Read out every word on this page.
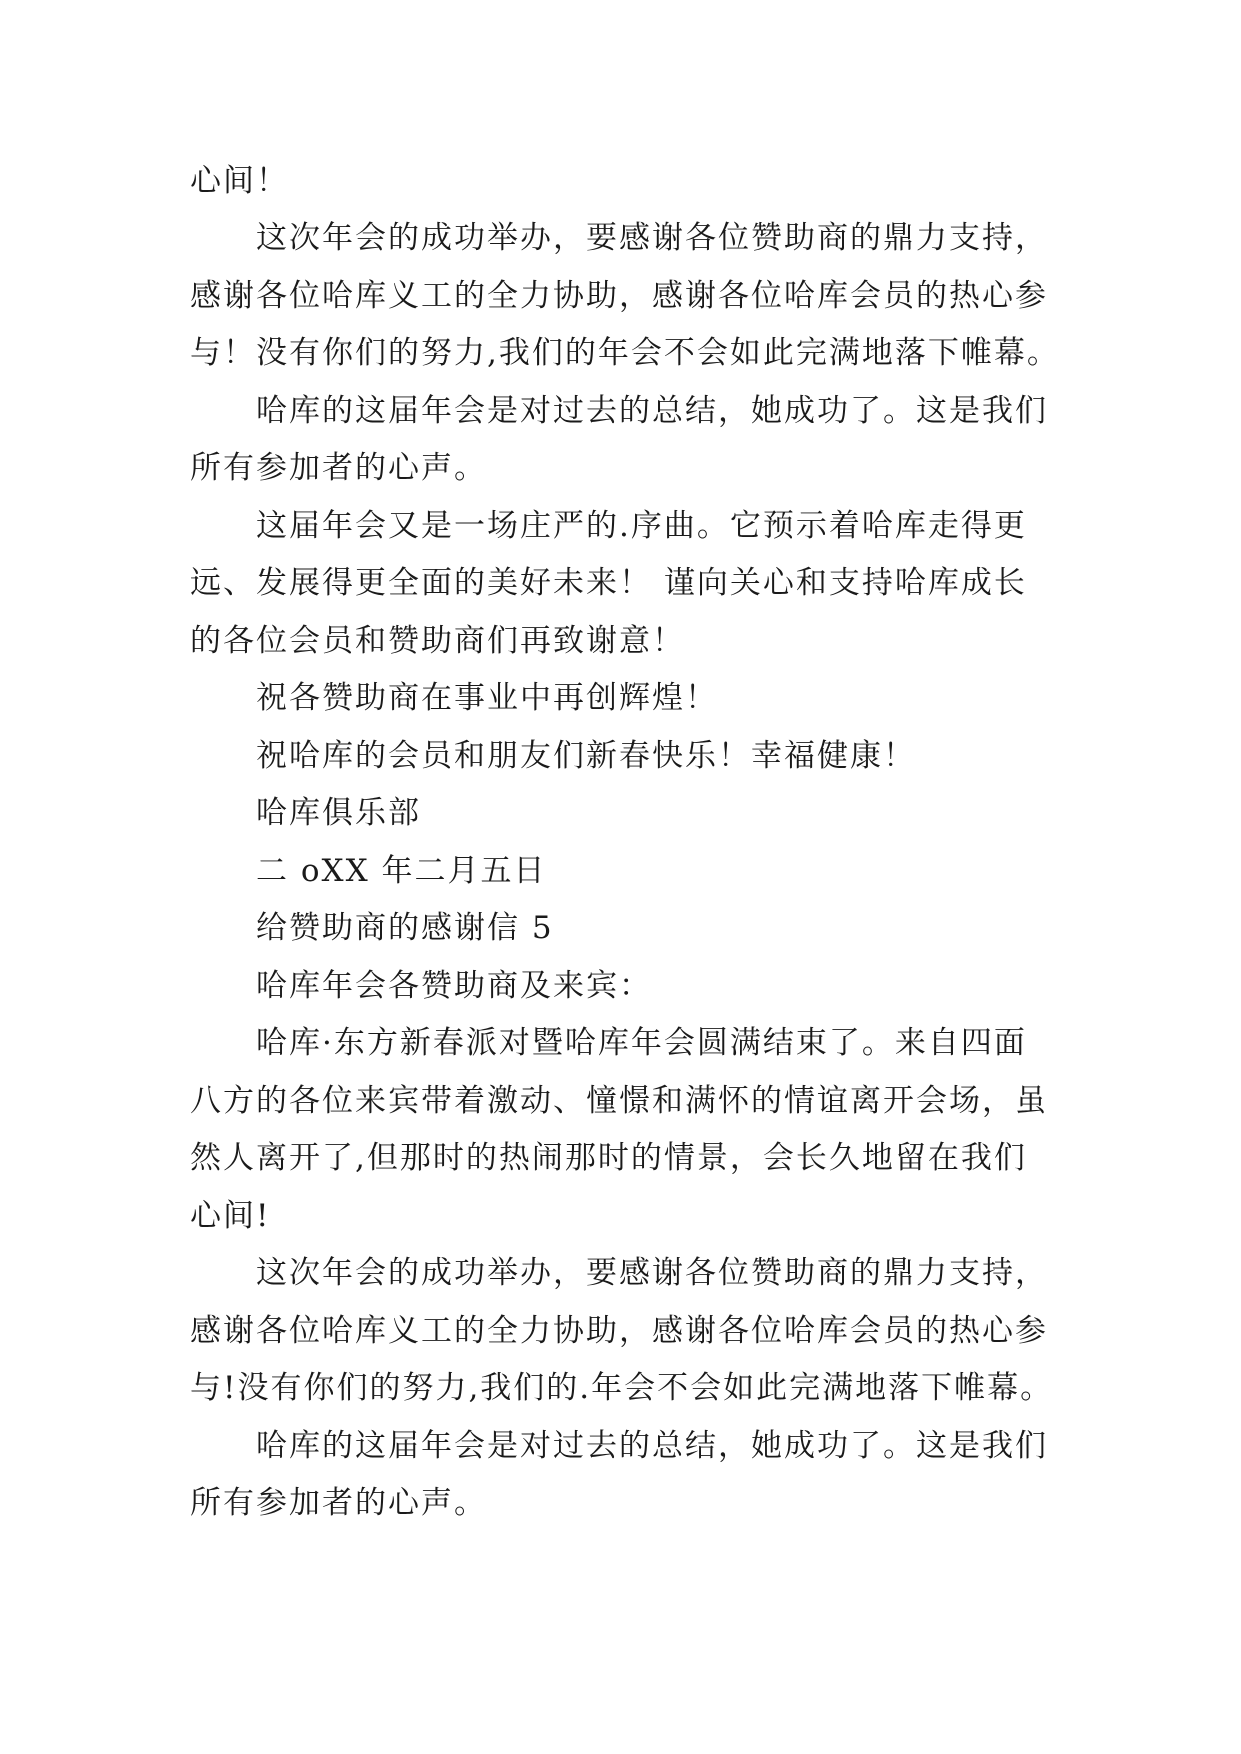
心间！
这次年会的成功举办，要感谢各位赞助商的鼎力支持，
感谢各位哈库义工的全力协助，感谢各位哈库会员的热心参
与！没有你们的努力,我们的年会不会如此完满地落下帷幕。
哈库的这届年会是对过去的总结，她成功了。这是我们
所有参加者的心声。
这届年会又是一场庄严的.序曲。它预示着哈库走得更
远、发展得更全面的美好未来！ 谨向关心和支持哈库成长
的各位会员和赞助商们再致谢意！
祝各赞助商在事业中再创辉煌！
祝哈库的会员和朋友们新春快乐！幸福健康！
哈库俱乐部
二 oXX 年二月五日
给赞助商的感谢信 5
哈库年会各赞助商及来宾：
哈库·东方新春派对暨哈库年会圆满结束了。来自四面
八方的各位来宾带着激动、憧憬和满怀的情谊离开会场，虽
然人离开了,但那时的热闹那时的情景，会长久地留在我们
心间!
这次年会的成功举办，要感谢各位赞助商的鼎力支持，
感谢各位哈库义工的全力协助，感谢各位哈库会员的热心参
与!没有你们的努力,我们的.年会不会如此完满地落下帷幕。
哈库的这届年会是对过去的总结，她成功了。这是我们
所有参加者的心声。
